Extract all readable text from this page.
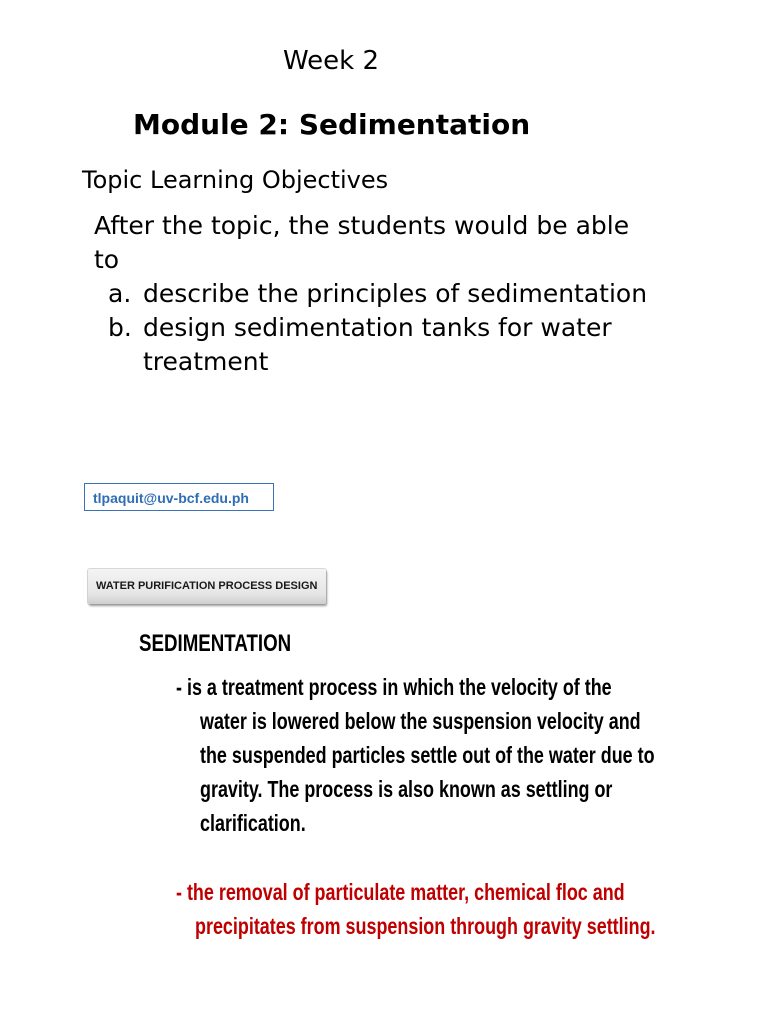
Week 2
Module 2: Sedimentation
Topic Learning Objectives
After the topic, the students would be able
to
a. describe the principles of sedimentation
b. design sedimentation tanks for water
treatment
tlpaquit@uv-bcf.edu.ph
WATER PURIFICATION PROCESS DESIGN
SEDIMENTATION
- is a treatment process in which the velocity of the
water is lowered below the suspension velocity and
the suspended particles settle out of the water due to
gravity. The process is also known as settling or
clarification.
- the removal of particulate matter, chemical floc and
precipitates from suspension through gravity settling.
